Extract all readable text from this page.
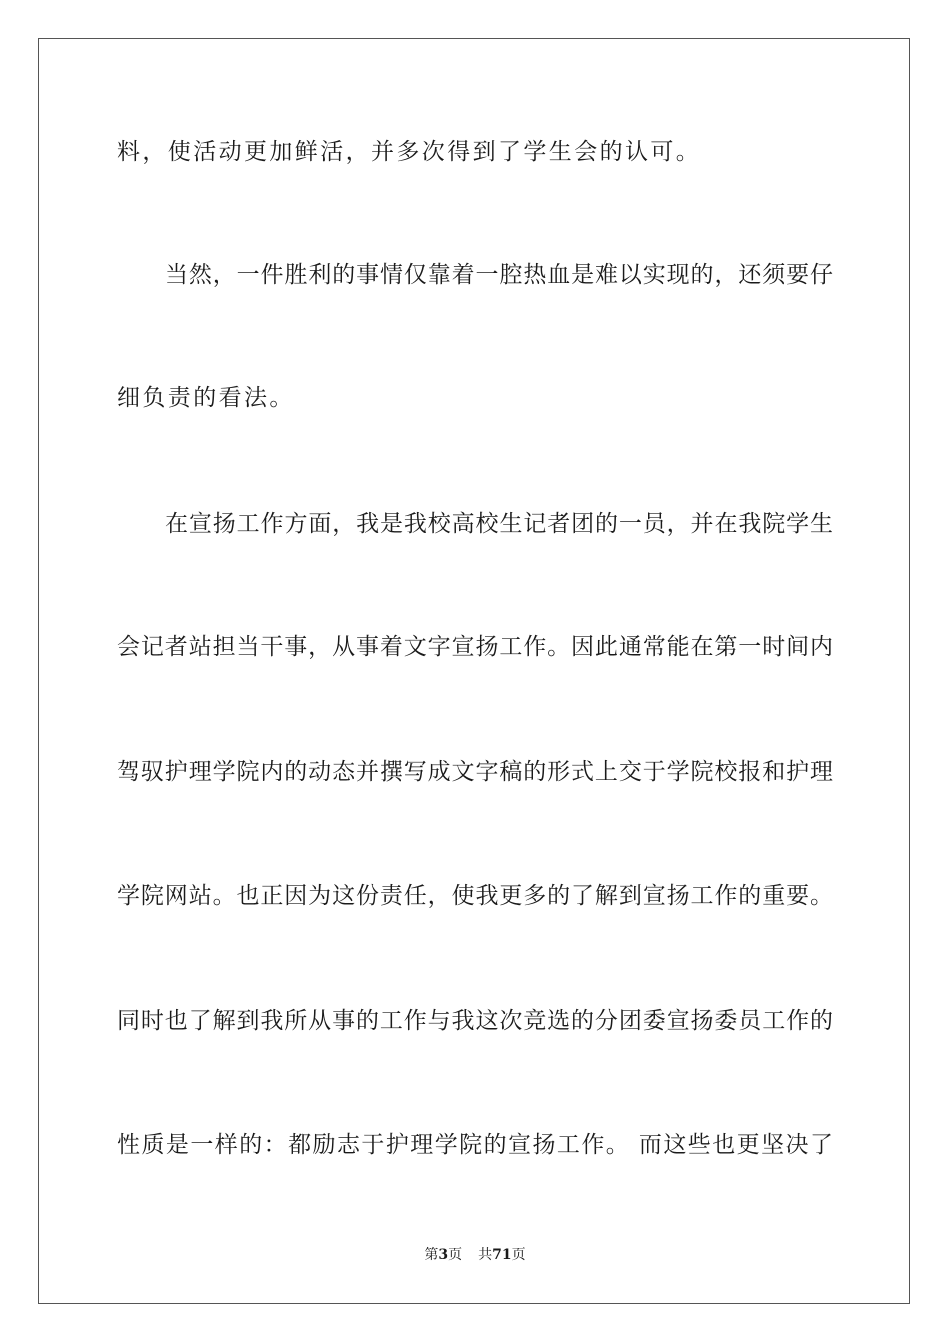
料，使活动更加鲜活，并多次得到了学生会的认可。
当然，一件胜利的事情仅靠着一腔热血是难以实现的，还须要仔
细负责的看法。
在宣扬工作方面，我是我校高校生记者团的一员，并在我院学生
会记者站担当干事，从事着文字宣扬工作。因此通常能在第一时间内
驾驭护理学院内的动态并撰写成文字稿的形式上交于学院校报和护理
学院网站。也正因为这份责任，使我更多的了解到宣扬工作的重要。
同时也了解到我所从事的工作与我这次竞选的分团委宣扬委员工作的
性质是一样的：都励志于护理学院的宣扬工作。 而这些也更坚决了
第3页 共71页
